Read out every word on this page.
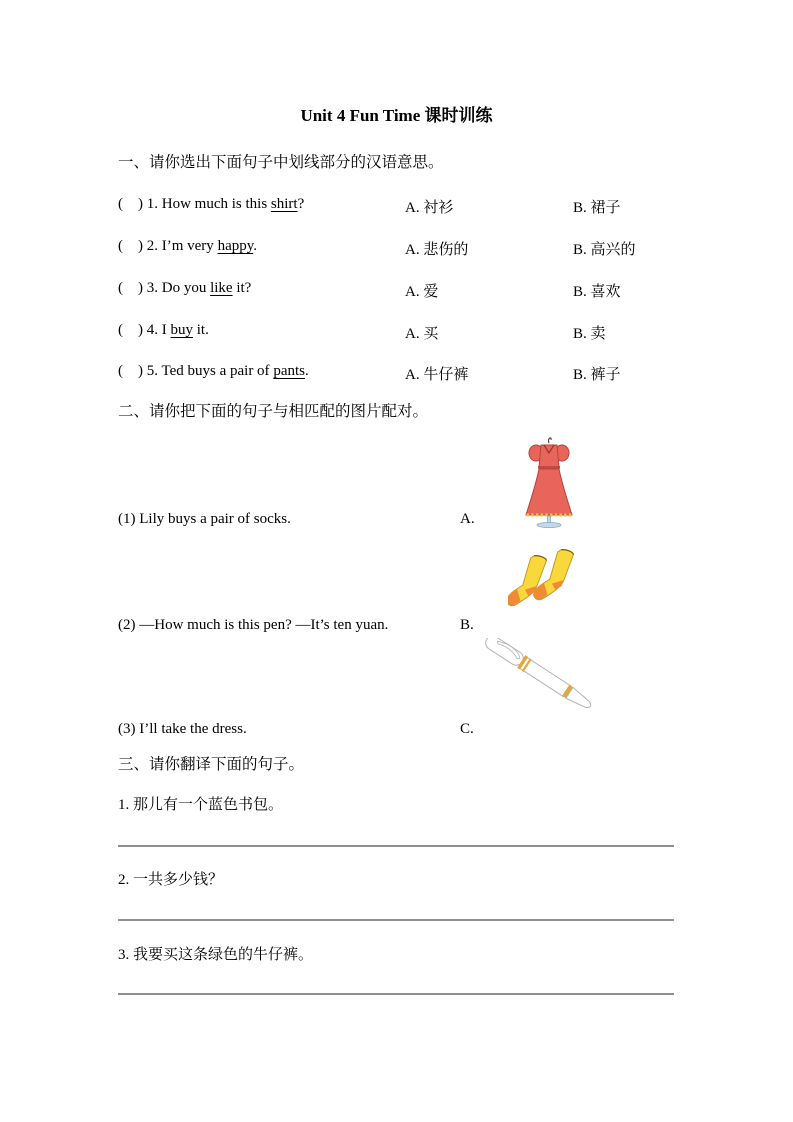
Unit 4 Fun Time 课时训练
一、请你选出下面句子中划线部分的汉语意思。
(    ) 1. How much is this shirt?	A. 衬衫	B. 裙子
(    ) 2. I’m very happy.	A. 悲伤的	B. 高兴的
(    ) 3. Do you like it?	A. 爱	B. 喜欢
(    ) 4. I buy it.	A. 买	B. 卖
(    ) 5. Ted buys a pair of pants.	A. 牛仔裤	B. 裤子
二、请你把下面的句子与相匹配的图片配对。
(1) Lily buys a pair of socks.	A.
(2) —How much is this pen? —It’s ten yuan.	B.
(3) I’ll take the dress.	C.
三、请你翻译下面的句子。
1. 那儿有一个蓝色书包。
2. 一共多少钱？
3. 我要买这条绿色的牛仔裤。
